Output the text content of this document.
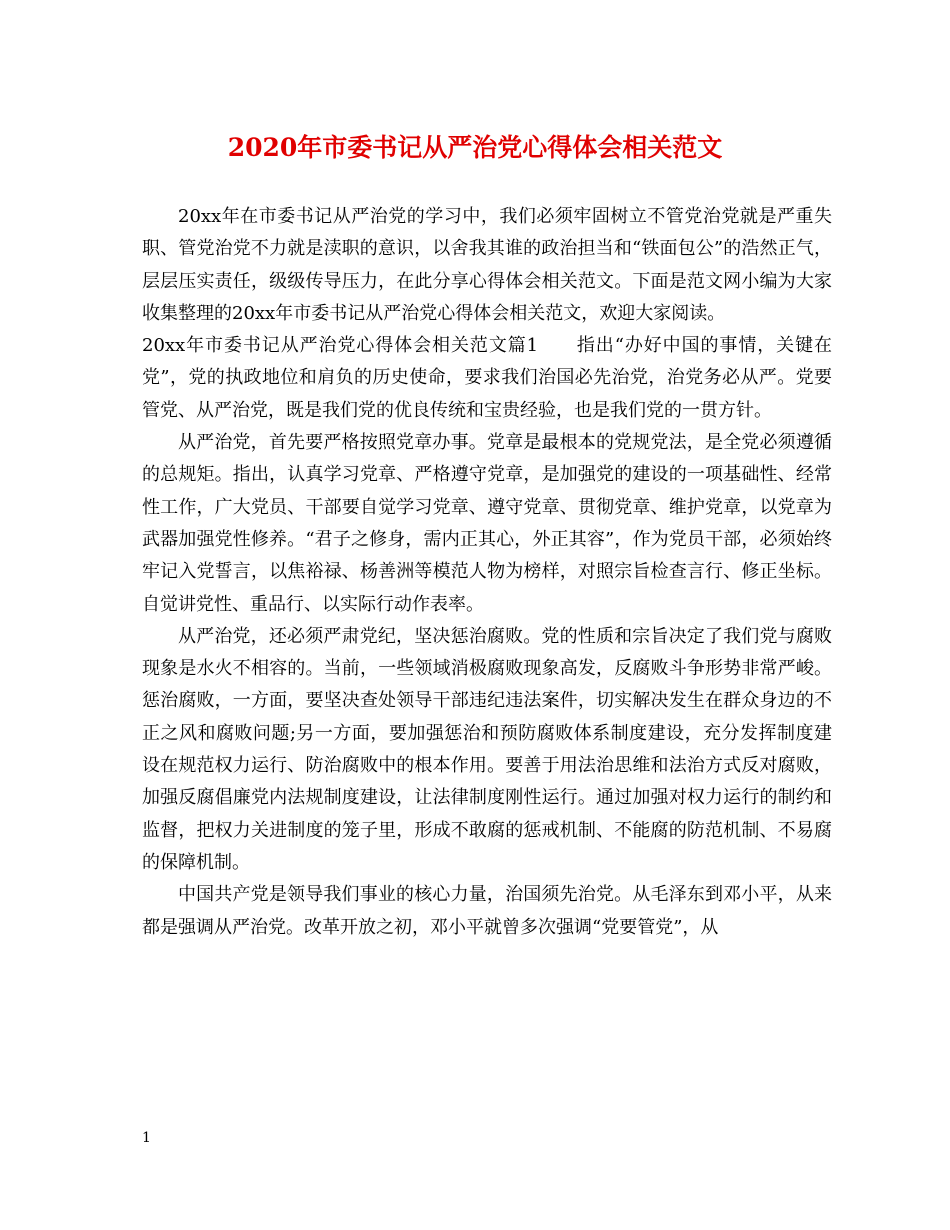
2020年市委书记从严治党心得体会相关范文

20xx年在市委书记从严治党的学习中，我们必须牢固树立不管党治党就是严重失职、管党治党不力就是渎职的意识，以舍我其谁的政治担当和“铁面包公”的浩然正气，层层压实责任，级级传导压力，在此分享心得体会相关范文。下面是范文网小编为大家收集整理的20xx年市委书记从严治党心得体会相关范文，欢迎大家阅读。

20xx年市委书记从严治党心得体会相关范文篇1　　指出“办好中国的事情，关键在党”，党的执政地位和肩负的历史使命，要求我们治国必先治党，治党务必从严。党要管党、从严治党，既是我们党的优良传统和宝贵经验，也是我们党的一贯方针。

从严治党，首先要严格按照党章办事。党章是最根本的党规党法，是全党必须遵循的总规矩。指出，认真学习党章、严格遵守党章，是加强党的建设的一项基础性、经常性工作，广大党员、干部要自觉学习党章、遵守党章、贯彻党章、维护党章，以党章为武器加强党性修养。“君子之修身，需内正其心，外正其容”，作为党员干部，必须始终牢记入党誓言，以焦裕禄、杨善洲等模范人物为榜样，对照宗旨检查言行、修正坐标。自觉讲党性、重品行、以实际行动作表率。

从严治党，还必须严肃党纪，坚决惩治腐败。党的性质和宗旨决定了我们党与腐败现象是水火不相容的。当前，一些领域消极腐败现象高发，反腐败斗争形势非常严峻。惩治腐败，一方面，要坚决查处领导干部违纪违法案件，切实解决发生在群众身边的不正之风和腐败问题;另一方面，要加强惩治和预防腐败体系制度建设，充分发挥制度建设在规范权力运行、防治腐败中的根本作用。要善于用法治思维和法治方式反对腐败，加强反腐倡廉党内法规制度建设，让法律制度刚性运行。通过加强对权力运行的制约和监督，把权力关进制度的笼子里，形成不敢腐的惩戒机制、不能腐的防范机制、不易腐的保障机制。

中国共产党是领导我们事业的核心力量，治国须先治党。从毛泽东到邓小平，从来都是强调从严治党。改革开放之初，邓小平就曾多次强调“党要管党”，从

1
